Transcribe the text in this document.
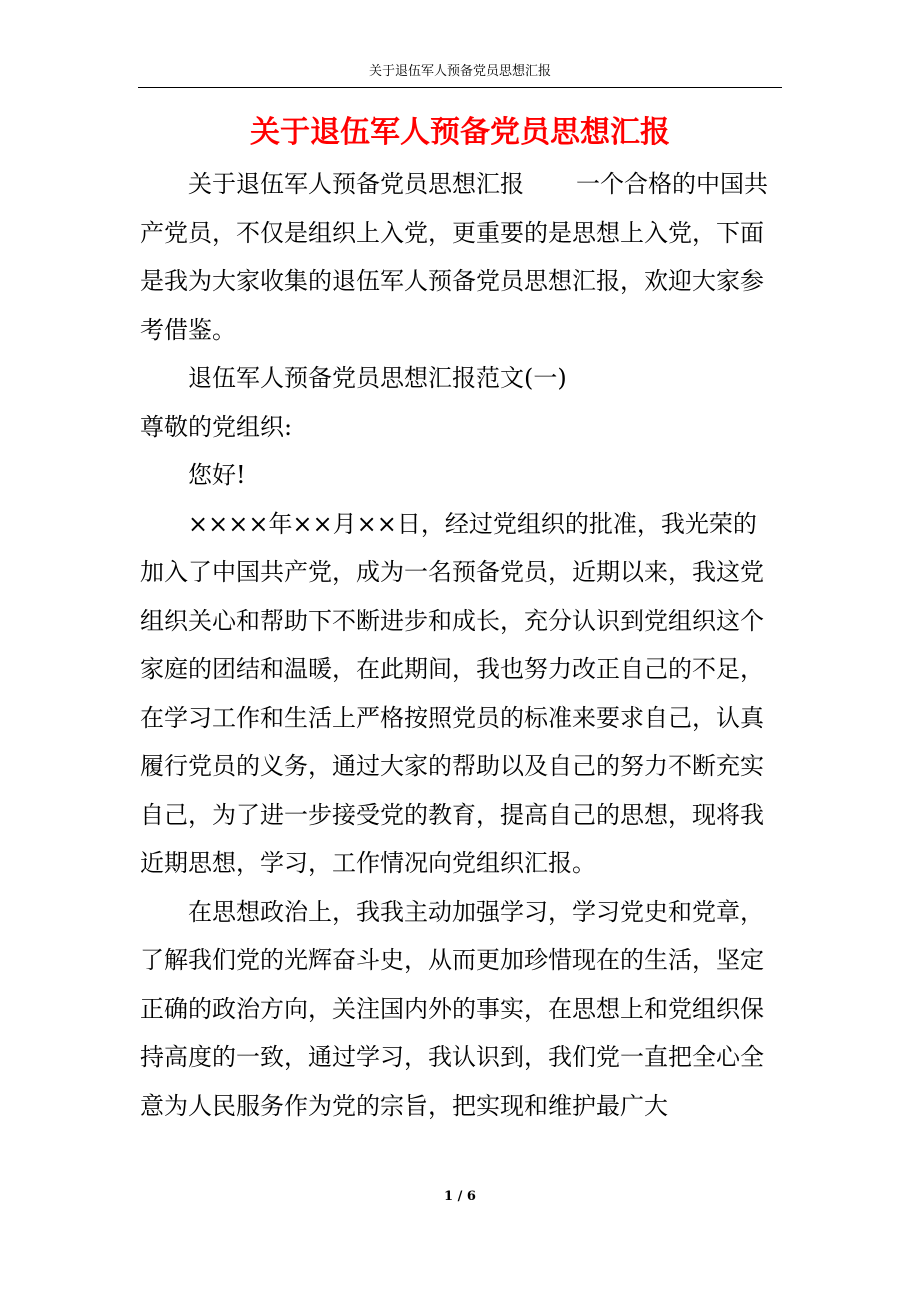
关于退伍军人预备党员思想汇报
关于退伍军人预备党员思想汇报

关于退伍军人预备党员思想汇报 一个合格的中国共产党员，不仅是组织上入党，更重要的是思想上入党，下面是我为大家收集的退伍军人预备党员思想汇报，欢迎大家参考借鉴。

退伍军人预备党员思想汇报范文(一)

尊敬的党组织:

您好!

××××年××月××日，经过党组织的批准，我光荣的加入了中国共产党，成为一名预备党员，近期以来，我这党组织关心和帮助下不断进步和成长，充分认识到党组织这个家庭的团结和温暖，在此期间，我也努力改正自己的不足，在学习工作和生活上严格按照党员的标准来要求自己，认真履行党员的义务，通过大家的帮助以及自己的努力不断充实自己，为了进一步接受党的教育，提高自己的思想，现将我近期思想，学习，工作情况向党组织汇报。

在思想政治上，我我主动加强学习，学习党史和党章，了解我们党的光辉奋斗史，从而更加珍惜现在的生活，坚定正确的政治方向，关注国内外的事实，在思想上和党组织保持高度的一致，通过学习，我认识到，我们党一直把全心全意为人民服务作为党的宗旨，把实现和维护最广大

1 / 6
